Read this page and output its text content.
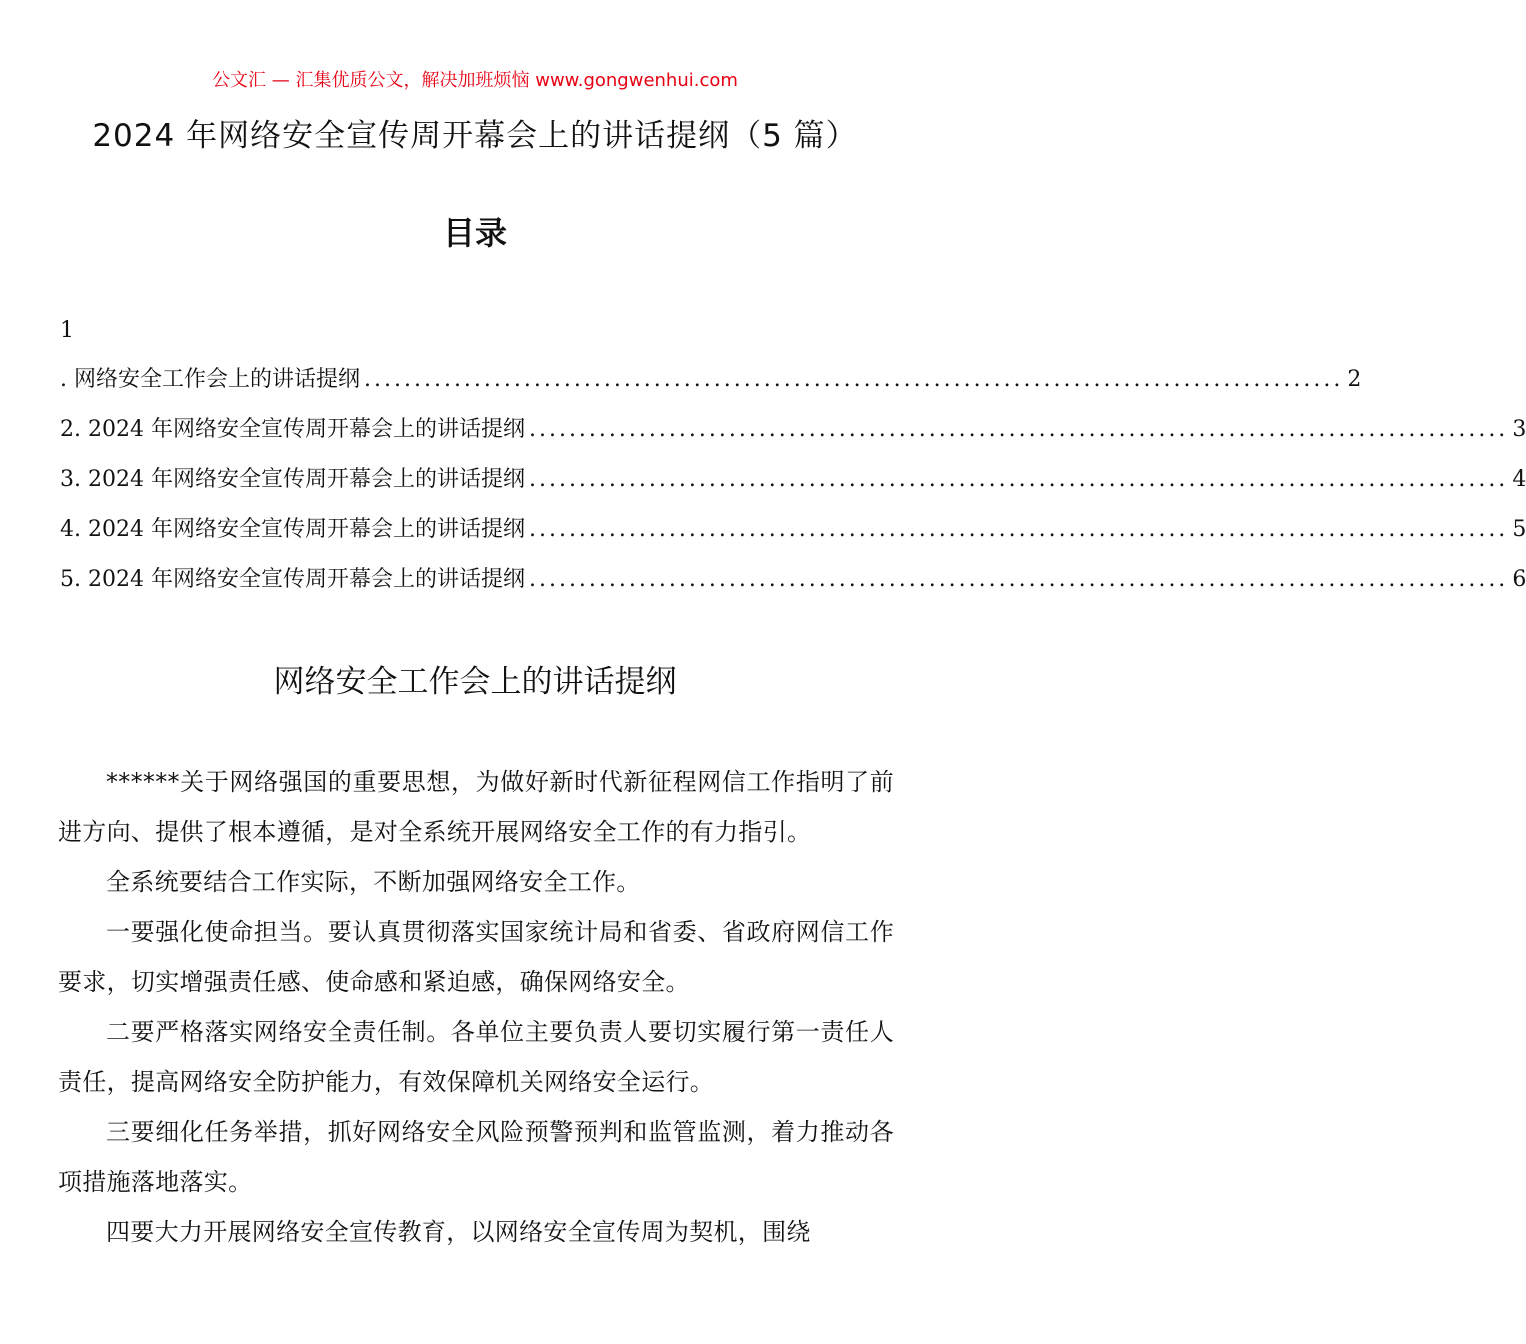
公文汇 — 汇集优质公文，解决加班烦恼 www.gongwenhui.com
2024 年网络安全宣传周开幕会上的讲话提纲（5 篇）
目录
1
. 网络安全工作会上的讲话提纲 .................................................................................................. 2
2. 2024 年网络安全宣传周开幕会上的讲话提纲 .................................................................................................. 3
3. 2024 年网络安全宣传周开幕会上的讲话提纲 .................................................................................................. 4
4. 2024 年网络安全宣传周开幕会上的讲话提纲 .................................................................................................. 5
5. 2024 年网络安全宣传周开幕会上的讲话提纲 .................................................................................................. 6
网络安全工作会上的讲话提纲

******关于网络强国的重要思想，为做好新时代新征程网信工作指明了前进方向、提供了根本遵循，是对全系统开展网络安全工作的有力指引。

全系统要结合工作实际，不断加强网络安全工作。

一要强化使命担当。要认真贯彻落实国家统计局和省委、省政府网信工作要求，切实增强责任感、使命感和紧迫感，确保网络安全。

二要严格落实网络安全责任制。各单位主要负责人要切实履行第一责任人责任，提高网络安全防护能力，有效保障机关网络安全运行。

三要细化任务举措，抓好网络安全风险预警预判和监管监测，着力推动各项措施落地落实。

四要大力开展网络安全宣传教育，以网络安全宣传周为契机，围绕
